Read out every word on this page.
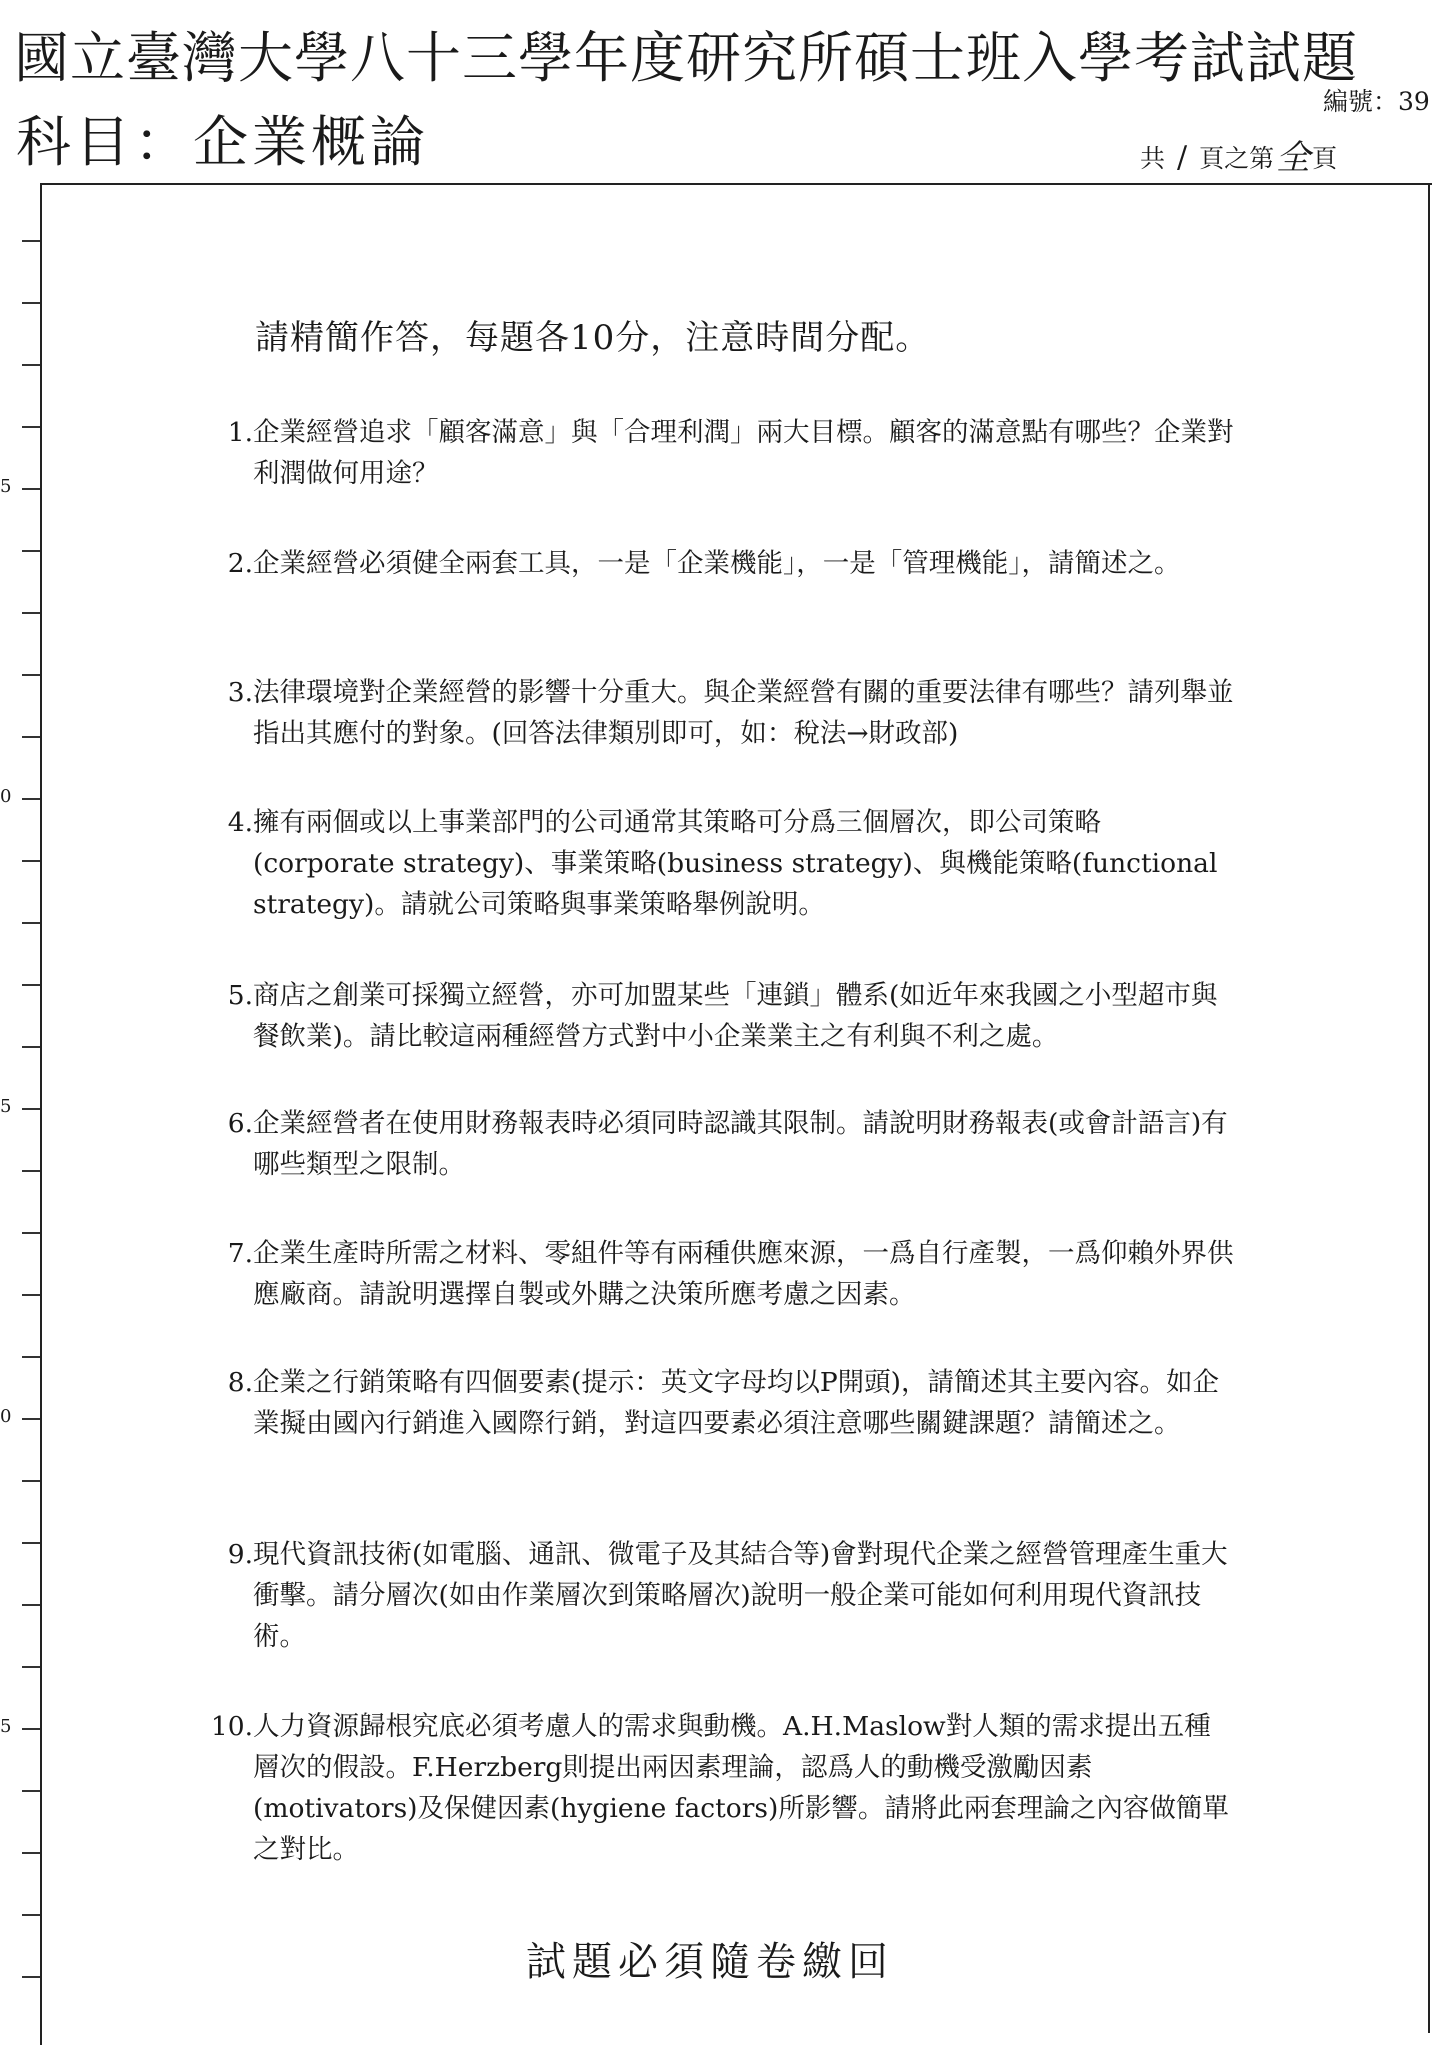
國立臺灣大學八十三學年度研究所碩士班入學考試試題
科目：企業概論
編號：39
共 / 頁之第全頁
5
0
5
0
5
請精簡作答，每題各10分，注意時間分配。
1. 企業經營追求「顧客滿意」與「合理利潤」兩大目標。顧客的滿意點有哪些？企業對利潤做何用途？
2. 企業經營必須健全兩套工具，一是「企業機能」，一是「管理機能」，請簡述之。
3. 法律環境對企業經營的影響十分重大。與企業經營有關的重要法律有哪些？請列舉並指出其應付的對象。(回答法律類別即可，如：稅法→財政部)
4. 擁有兩個或以上事業部門的公司通常其策略可分爲三個層次，即公司策略(corporate strategy)、事業策略(business strategy)、與機能策略(functional strategy)。請就公司策略與事業策略舉例說明。
5. 商店之創業可採獨立經營，亦可加盟某些「連鎖」體系(如近年來我國之小型超市與餐飲業)。請比較這兩種經營方式對中小企業業主之有利與不利之處。
6. 企業經營者在使用財務報表時必須同時認識其限制。請說明財務報表(或會計語言)有哪些類型之限制。
7. 企業生產時所需之材料、零組件等有兩種供應來源，一爲自行產製，一爲仰賴外界供應廠商。請說明選擇自製或外購之決策所應考慮之因素。
8. 企業之行銷策略有四個要素(提示：英文字母均以P開頭)，請簡述其主要內容。如企業擬由國內行銷進入國際行銷，對這四要素必須注意哪些關鍵課題？請簡述之。
9. 現代資訊技術(如電腦、通訊、微電子及其結合等)會對現代企業之經營管理產生重大衝擊。請分層次(如由作業層次到策略層次)說明一般企業可能如何利用現代資訊技術。
10. 人力資源歸根究底必須考慮人的需求與動機。A.H.Maslow對人類的需求提出五種層次的假設。F.Herzberg則提出兩因素理論，認爲人的動機受激勵因素(motivators)及保健因素(hygiene factors)所影響。請將此兩套理論之內容做簡單之對比。
試題必須隨卷繳回
